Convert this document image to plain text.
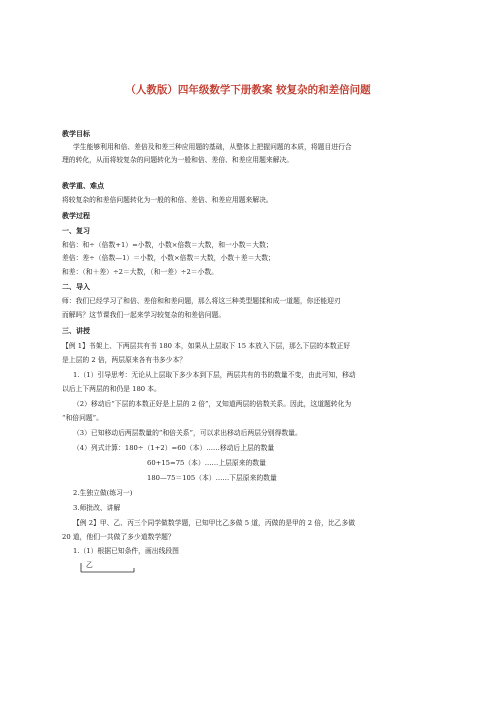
（人教版）四年级数学下册教案 较复杂的和差倍问题
教学目标
学生能够利用和倍、差倍及和差三种应用题的基础，从整体上把握问题的本质，将题目进行合
理的转化，从而将较复杂的问题转化为一般和倍、差倍、和差应用题来解决。
教学重、难点
将较复杂的和差倍问题转化为一般的和倍、差倍、和差应用题来解决。
教学过程
一、复习
和倍：和÷（倍数+1）=小数，小数×倍数＝大数，和一小数＝大数；
差倍：差÷（倍数—1）＝小数，小数×倍数＝大数，小数＋差＝大数；
和差：（和＋差）÷2＝大数，（和一差）÷2＝小数。
二、导入
师：我们已经学习了和倍、差倍和和差问题，那么将这三种类型题揉和成一道题，你还能迎刃
而解吗？这节课我们一起来学习较复杂的和差倍问题。
三、讲授
【例 1】书架上、下两层共有书 180 本，如果从上层取下 15 本放入下层，那么下层的本数正好
是上层的 2 倍，两层原来各有书多少本？
1.（1）引导思考：无论从上层取下多少本到下层，两层共有的书的数量不变，由此可知，移动
以后上下两层的和仍是 180 本。
（2）移动后“下层的本数正好是上层的 2 倍”，又知道两层的倍数关系。因此，这道题转化为
“和倍问题”。
（3）已知移动后两层数量的“和倍关系”，可以求出移动后两层分别得数量。
（4）列式计算：180÷（1+2）=60（本）……移动后上层的数量
60+15=75（本）……上层原来的数量
180—75＝105（本）……下层原来的数量
2.生独立做(练习一)
3.师批改、讲解
【例 2】甲、乙、丙三个同学做数学题，已知甲比乙多做 5 道，丙做的是甲的 2 倍，比乙多做
20 道，他们一共做了多少道数学题？
1.（1）根据已知条件，画出线段图
乙
